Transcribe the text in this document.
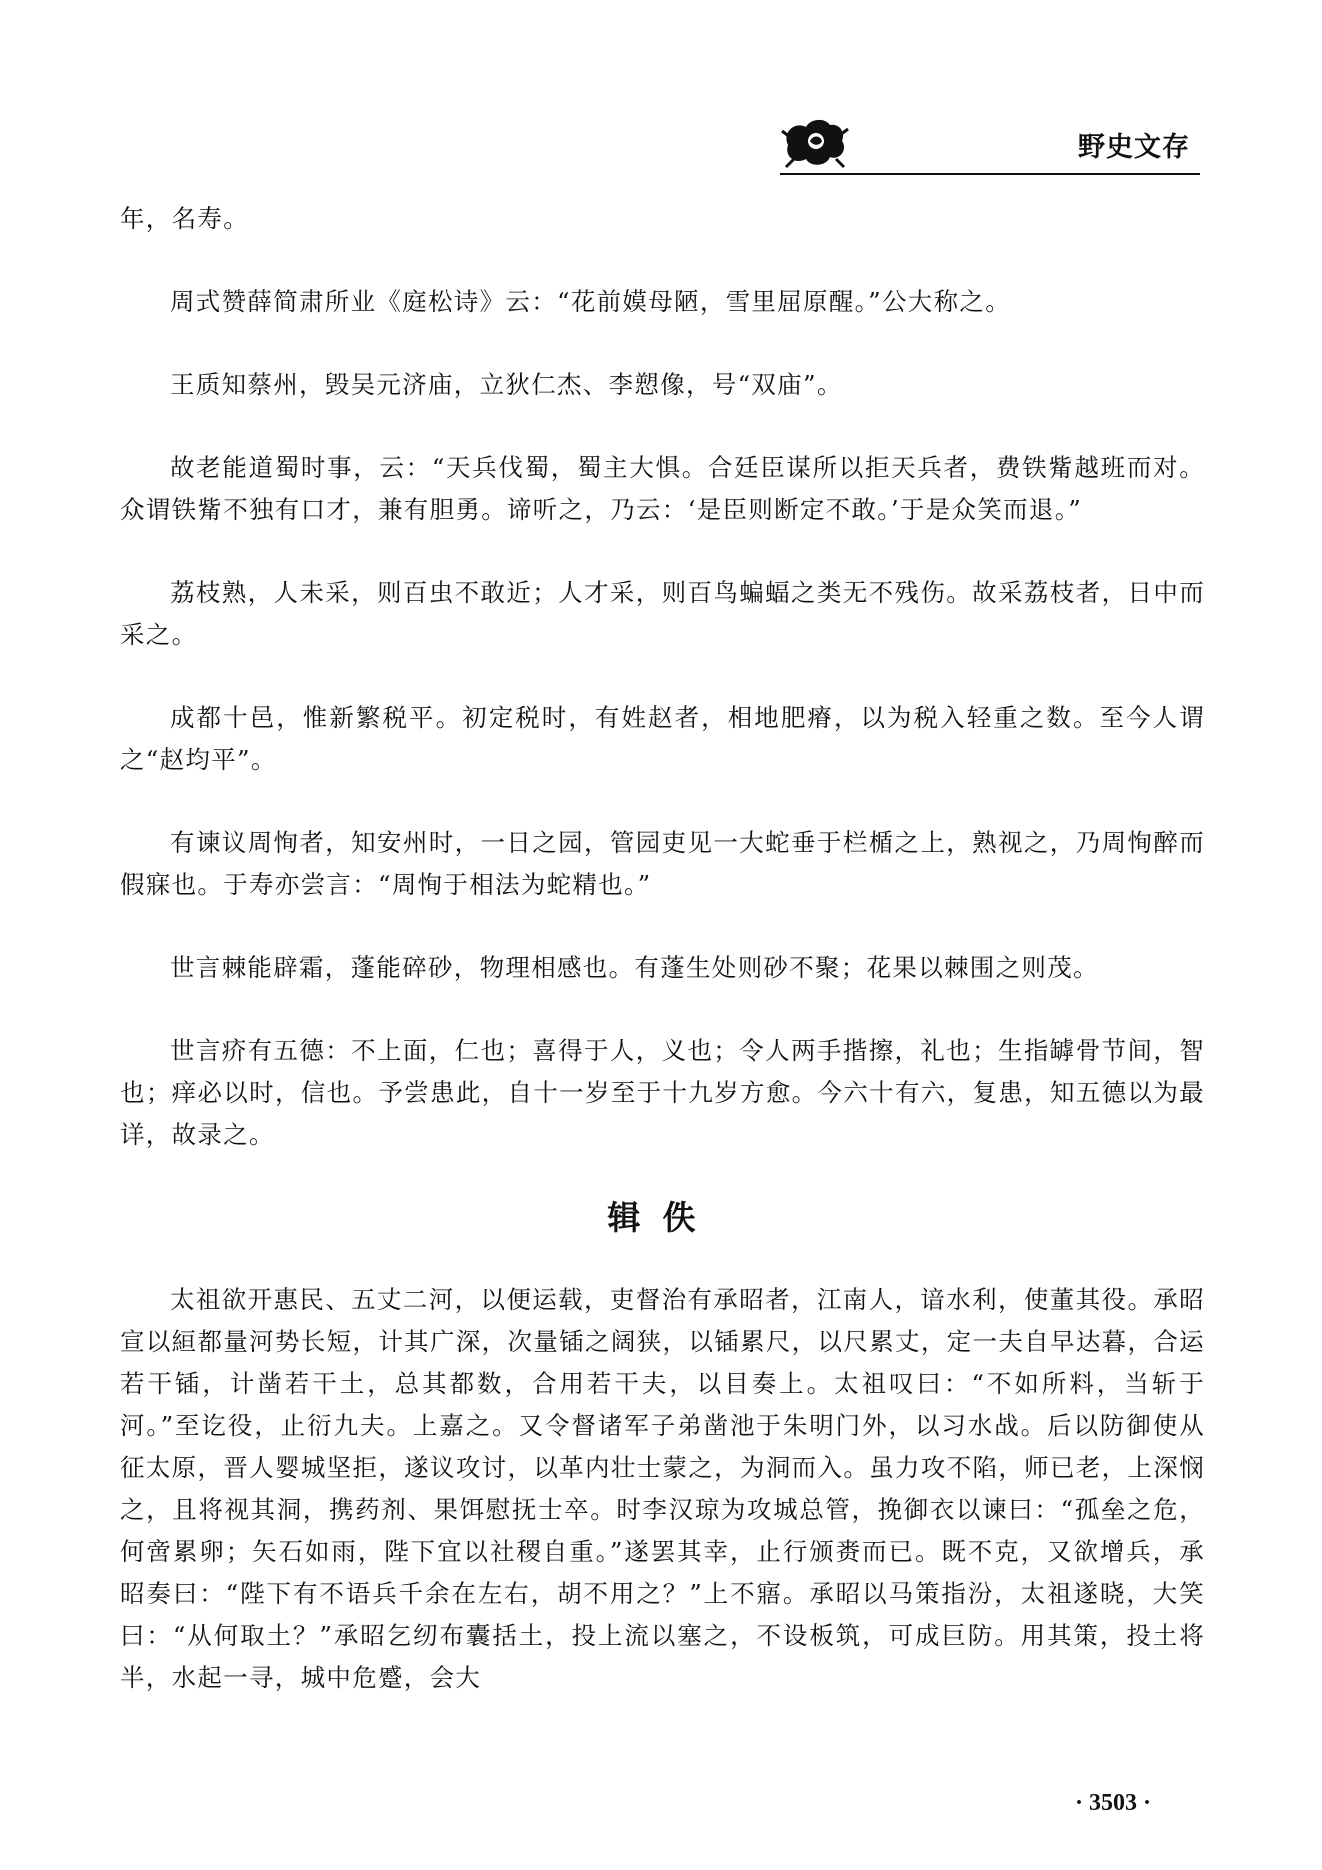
野史文存

年，名寿。

周式赞薛简肃所业《庭松诗》云：“花前嫫母陋，雪里屈原醒。”公大称之。

王质知蔡州，毁吴元济庙，立狄仁杰、李愬像，号“双庙”。

故老能道蜀时事，云：“天兵伐蜀，蜀主大惧。合廷臣谋所以拒天兵者，费铁觜越班而对。众谓铁觜不独有口才，兼有胆勇。谛听之，乃云：‘是臣则断定不敢。’于是众笑而退。”

荔枝熟，人未采，则百虫不敢近；人才采，则百鸟蝙蝠之类无不残伤。故采荔枝者，日中而采之。

成都十邑，惟新繁税平。初定税时，有姓赵者，相地肥瘠，以为税入轻重之数。至今人谓之“赵均平”。

有谏议周恂者，知安州时，一日之园，管园吏见一大蛇垂于栏楯之上，熟视之，乃周恂醉而假寐也。于寿亦尝言：“周恂于相法为蛇精也。”

世言棘能辟霜，蓬能碎砂，物理相感也。有蓬生处则砂不聚；花果以棘围之则茂。

世言疥有五德：不上面，仁也；喜得于人，义也；令人两手揩擦，礼也；生指罅骨节间，智也；痒必以时，信也。予尝患此，自十一岁至于十九岁方愈。今六十有六，复患，知五德以为最详，故录之。

辑佚

太祖欲开惠民、五丈二河，以便运载，吏督治有承昭者，江南人，谙水利，使董其役。承昭宣以絙都量河势长短，计其广深，次量锸之阔狭，以锸累尺，以尺累丈，定一夫自早达暮，合运若干锸，计凿若干土，总其都数，合用若干夫，以目奏上。太祖叹曰：“不如所料，当斩于河。”至讫役，止衍九夫。上嘉之。又令督诸军子弟凿池于朱明门外，以习水战。后以防御使从征太原，晋人婴城坚拒，遂议攻讨，以革内壮士蒙之，为洞而入。虽力攻不陷，师已老，上深悯之，且将视其洞，携药剂、果饵慰抚士卒。时李汉琼为攻城总管，挽御衣以谏曰：“孤垒之危，何啻累卵；矢石如雨，陛下宜以社稷自重。”遂罢其幸，止行颁赉而已。既不克，又欲增兵，承昭奏曰：“陛下有不语兵千余在左右，胡不用之？”上不寤。承昭以马策指汾，太祖遂晓，大笑曰：“从何取土？”承昭乞纫布囊括土，投上流以塞之，不设板筑，可成巨防。用其策，投土将半，水起一寻，城中危蹙，会大

· 3503 ·
